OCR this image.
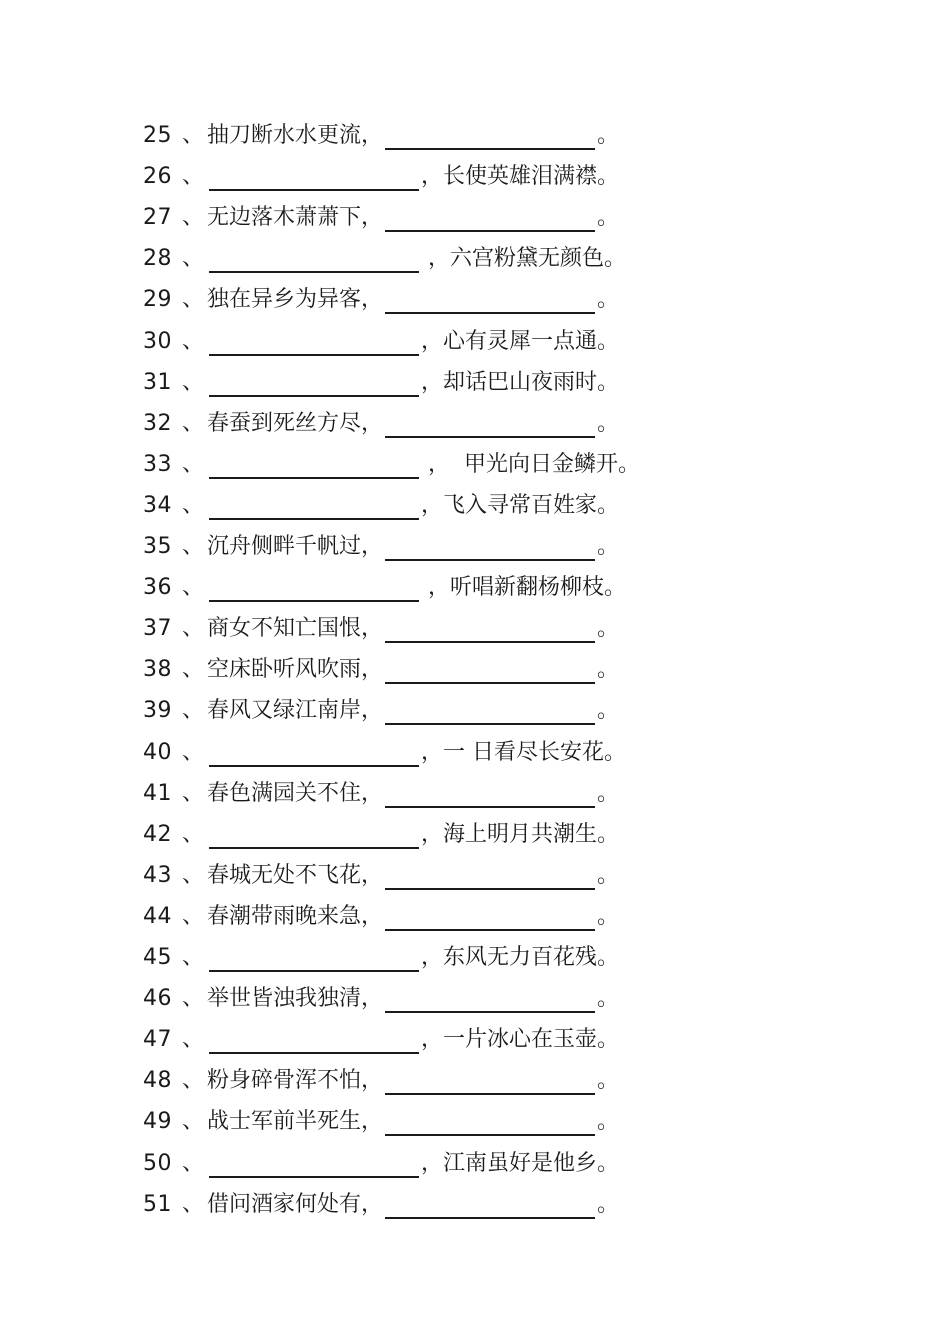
25 、 抽刀断水水更流，	。
26 、	，长使英雄泪满襟。
27 、 无边落木萧萧下，	。
28 、	，六宫粉黛无颜色。
29 、 独在异乡为异客，	。
30 、	，心有灵犀一点通。
31 、	，却话巴山夜雨时。
32 、 春蚕到死丝方尽，	。
33 、	，  甲光向日金鳞开。
34 、	，飞入寻常百姓家。
35 、 沉舟侧畔千帆过，	。
36 、	，听唱新翻杨柳枝。
37 、 商女不知亡国恨，	。
38 、 空床卧听风吹雨，	。
39 、 春风又绿江南岸，	。
40 、	，一 日看尽长安花。
41 、 春色满园关不住，	。
42 、	，海上明月共潮生。
43 、 春城无处不飞花，	。
44 、 春潮带雨晚来急，	。
45 、	，东风无力百花残。
46 、 举世皆浊我独清，	。
47 、	，一片冰心在玉壶。
48 、 粉身碎骨浑不怕，	。
49 、 战士军前半死生，	。
50 、	，江南虽好是他乡。
51 、 借问酒家何处有，	。
